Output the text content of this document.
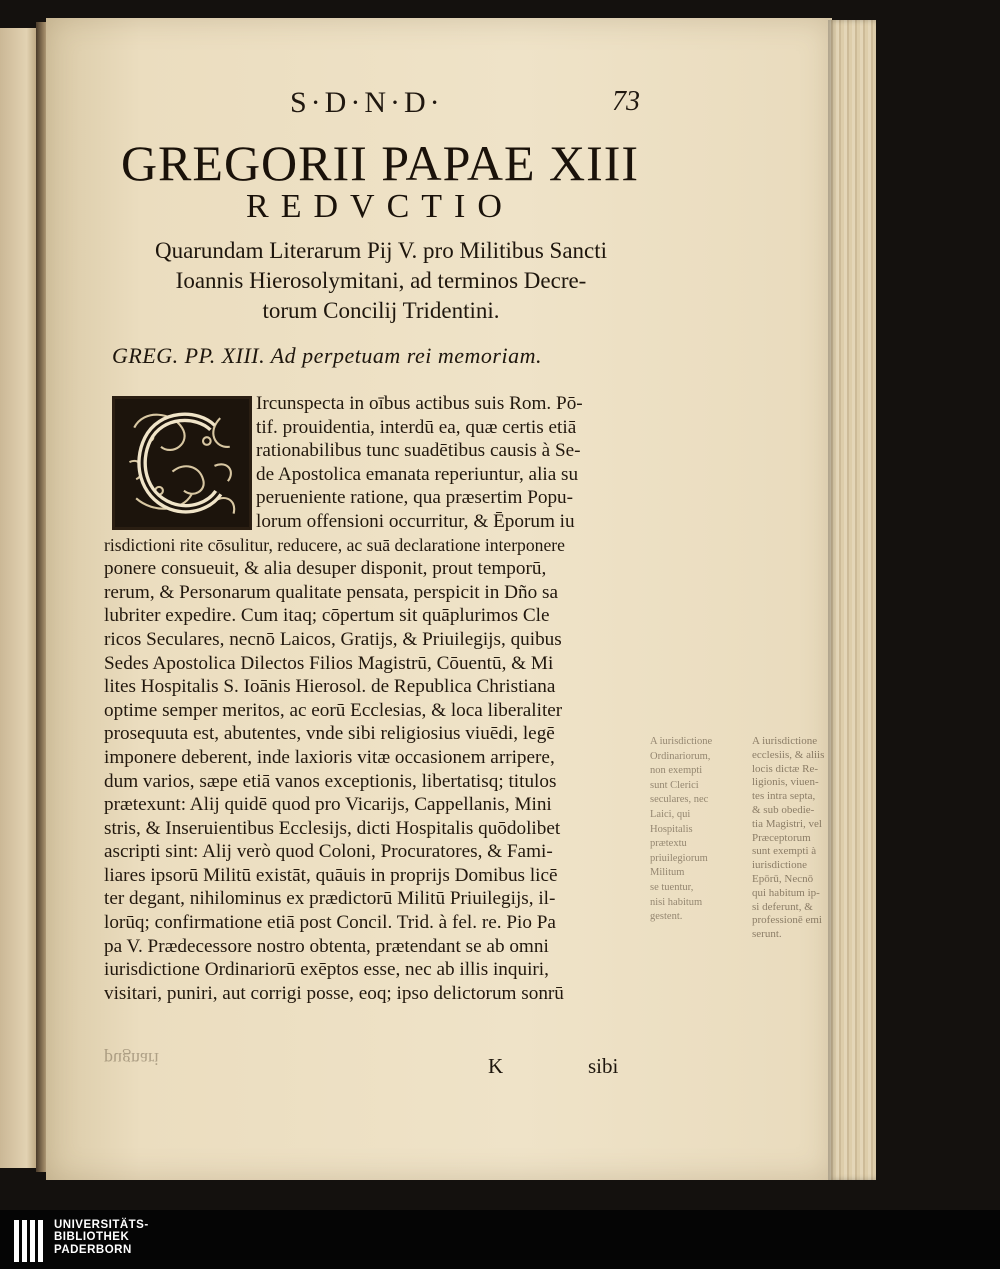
S·D·N·D·	73
GREGORII PAPAE XIII
REDVCTIO
Quarundam Literarum Pij V. pro Militibus Sancti
Ioannis Hierosolymitani, ad terminos Decre-
torum Concilij Tridentini.
GREG. PP. XIII. Ad perpetuam rei memoriam.
Ircunspecta in oībus actibus suis Rom. Pō-
tif. prouidentia, interdū ea, quæ certis etiā
rationabilibus tunc suadētibus causis à Se-
de Apostolica emanata reperiuntur, alia su
perueniente ratione, qua præsertim Popu-
lorum offensioni occurritur, & Ēporum iu
risdictioni rite cōsulitur, reducere, ac suā declaratione interponere
ponere consueuit, & alia desuper disponit, prout temporū,
rerum, & Personarum qualitate pensata, perspicit in Dño sa
lubriter expedire. Cum itaq; cōpertum sit quāplurimos Cle
ricos Seculares, necnō Laicos, Gratijs, & Priuilegijs, quibus
Sedes Apostolica Dilectos Filios Magistrū, Cōuentū, & Mi
lites Hospitalis S. Ioānis Hierosol. de Republica Christiana
optime semper meritos, ac eorū Ecclesias, & loca liberaliter
prosequuta est, abutentes, vnde sibi religiosius viuēdi, legē
imponere deberent, inde laxioris vitæ occasionem arripere,
dum varios, sæpe etiā vanos exceptionis, libertatisq; titulos
prætexunt: Alij quidē quod pro Vicarijs, Cappellanis, Mini
stris, & Inseruientibus Ecclesijs, dicti Hospitalis quōdolibet
ascripti sint: Alij verò quod Coloni, Procuratores, & Fami-
liares ipsorū Militū existāt, quāuis in proprijs Domibus licē
ter degant, nihilominus ex prædictorū Militū Priuilegijs, il-
lorūq; confirmatione etiā post Concil. Trid. à fel. re. Pio Pa
pa V. Prædecessore nostro obtenta, prætendant se ab omni
iurisdictione Ordinariorū exēptos esse, nec ab illis inquiri,
visitari, puniri, aut corrigi posse, eoq; ipso delictorum sonrū
A iurisdictione
Ordinariorum,
non exempti
sunt Clerici
seculares, nec
Laici, qui
Hospitalis
prætextu
priuilegiorum
Militum
se tuentur,
nisi habitum
gestent.
A iurisdictione
ecclesiis, & aliis
locis dictæ Re-
ligionis, viuen-
tes intra septa,
& sub obedie-
tia Magistri, vel
Præceptorum
sunt exempti à
iurisdictione
Epōrū, Necnō
qui habitum ip-
si deferunt, &
professionē emi
serunt.
pugnari	K	sibi
UNIVERSITÄTS-
BIBLIOTHEK
PADERBORN
